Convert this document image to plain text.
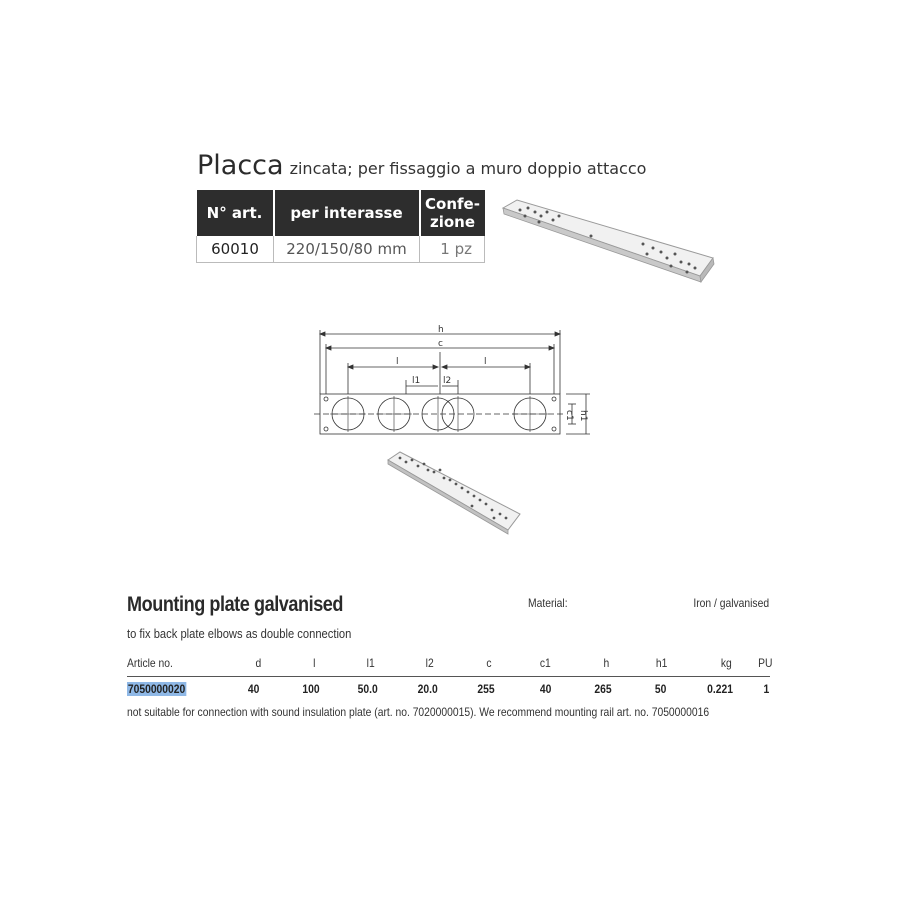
Placca zincata; per fissaggio a muro doppio attacco
N° art.	per interasse	Confe-
zione
60010	220/150/80 mm	1 pz
h
c
l	l
l1	l2
c1 h1
Mounting plate galvanised
to fix back plate elbows as double connection
Material:	Iron / galvanised
Article no.	d	l	l1	l2	c	c1	h	h1	kg PU
7050000020	40	100	50.0	20.0	255	40	265	50	0.221	1
not suitable for connection with sound insulation plate (art. no. 7020000015). We recommend mounting rail art. no. 7050000016
